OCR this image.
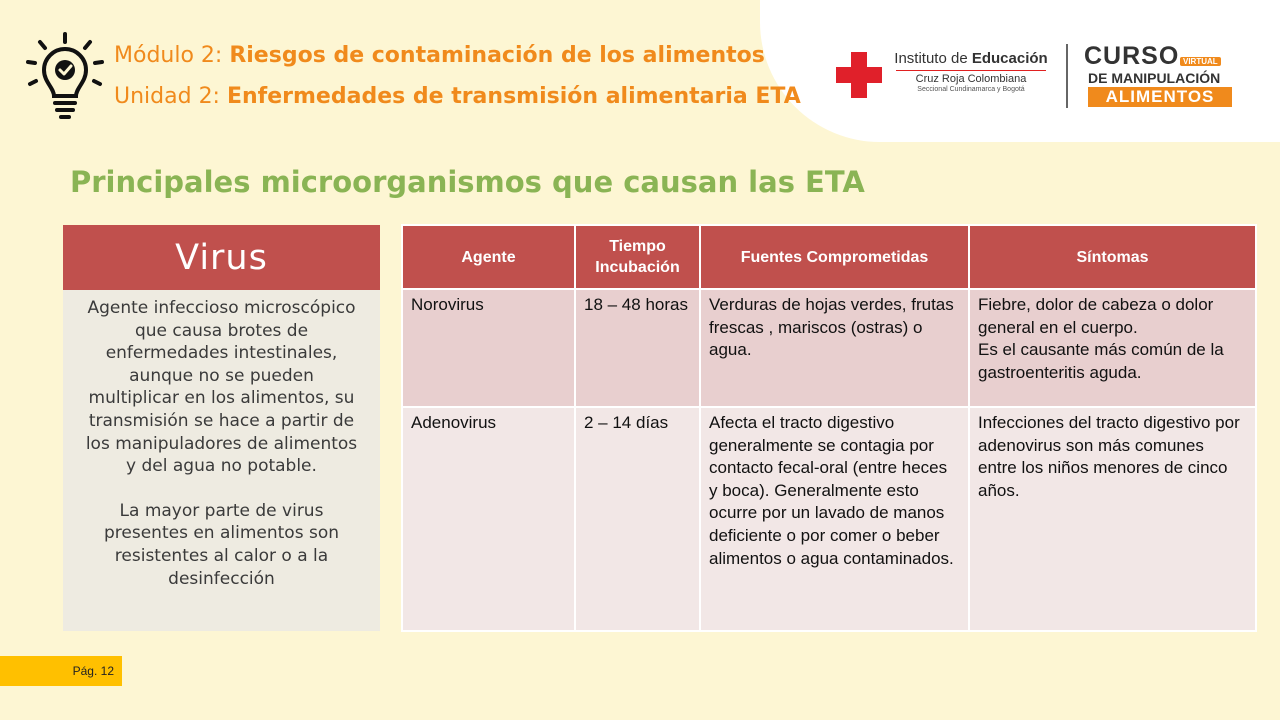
Módulo 2: Riesgos de contaminación de los alimentos
Unidad 2: Enfermedades de transmisión alimentaria ETA
Instituto de Educación
Cruz Roja Colombiana
Seccional Cundinamarca y Bogotá
CURSO VIRTUAL
DE MANIPULACIÓN
ALIMENTOS
Principales microorganismos que causan las ETA
Virus

Agente infeccioso microscópico que causa brotes de enfermedades intestinales, aunque no se pueden multiplicar en los alimentos, su transmisión se hace a partir de los manipuladores de alimentos y del agua no potable.

La mayor parte de virus presentes en alimentos son resistentes al calor o a la desinfección

Agente	Tiempo Incubación	Fuentes Comprometidas	Síntomas
Norovirus	18 – 48 horas	Verduras de hojas verdes, frutas frescas , mariscos (ostras) o agua.	Fiebre, dolor de cabeza o dolor general en el cuerpo.
Es el causante más común de la gastroenteritis aguda.

Adenovirus	2 – 14 días	Afecta el tracto digestivo generalmente se contagia por contacto fecal-oral (entre heces y boca). Generalmente esto ocurre por un lavado de manos deficiente o por comer o beber alimentos o agua contaminados.	Infecciones del tracto digestivo por adenovirus son más comunes entre los niños menores de cinco años.
Pág. 12
